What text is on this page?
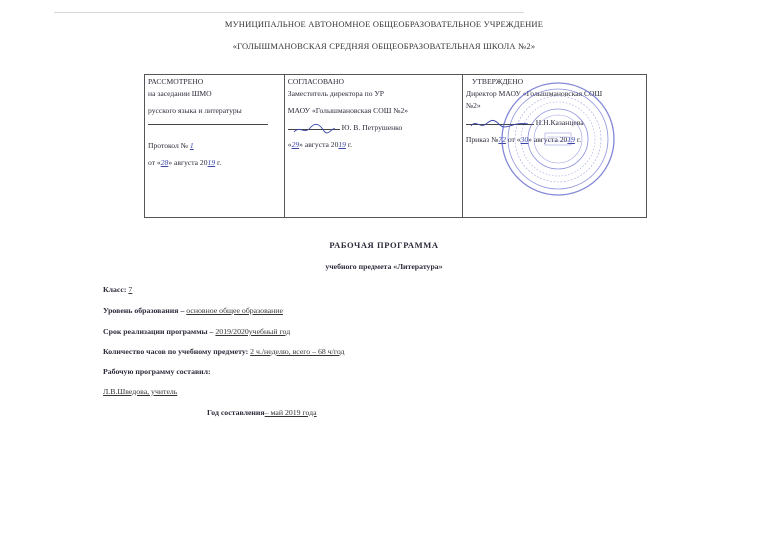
МУНИЦИПАЛЬНОЕ АВТОНОМНОЕ ОБЩЕОБРАЗОВАТЕЛЬНОЕ УЧРЕЖДЕНИЕ
«ГОЛЫШМАНОВСКАЯ СРЕДНЯЯ ОБЩЕОБРАЗОВАТЕЛЬНАЯ ШКОЛА №2»
РАССМОТРЕНО
на заседании ШМО
русского языка и литературы
Протокол № 1
от «28» августа 2019 г.

СОГЛАСОВАНО
Заместитель директора по УР
МАОУ «Голышмановская СОШ №2»
Ю. В. Петрушенко
«29» августа 2019 г.

УТВЕРЖДЕНО
Директор МАОУ «Голышмановская СОШ
№2»
Н.Н.Казанцева
Приказ №72 от «30» августа 2019 г.
РАБОЧАЯ ПРОГРАММА
учебного предмета «Литература»
Класс: 7
Уровень образования – основное общее образование
Срок реализации программы – 2019/2020учебный год
Количество часов по учебному предмету: 2 ч./неделю, всего – 68 ч/год
Рабочую программу составил:
Л.В.Шведова, учитель
Год составления– май 2019 года
